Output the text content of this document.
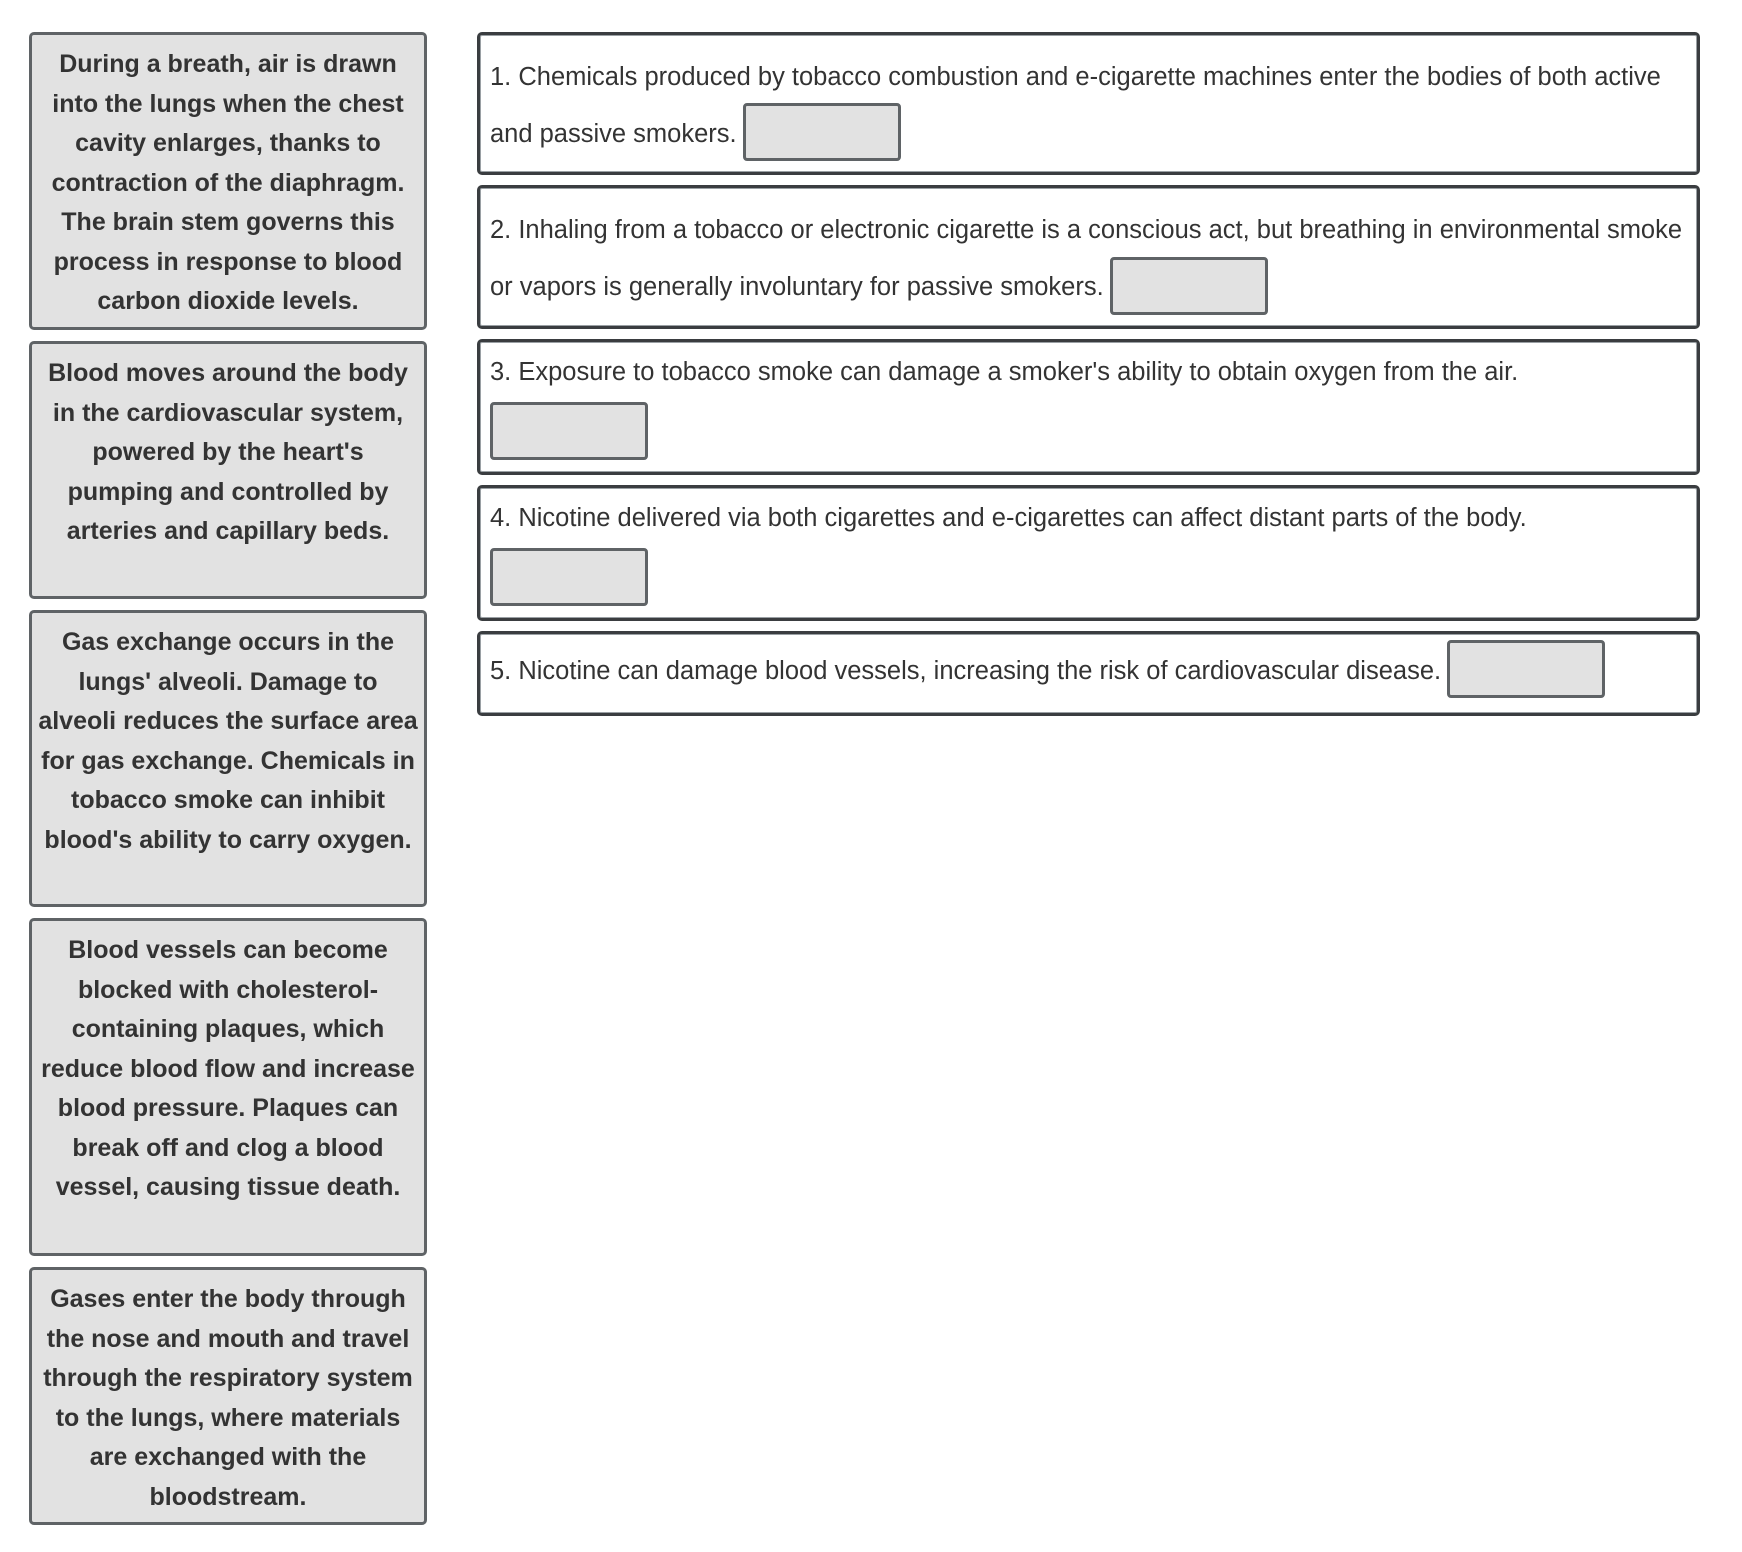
During a breath, air is drawn into the lungs when the chest cavity enlarges, thanks to contraction of the diaphragm. The brain stem governs this process in response to blood carbon dioxide levels.
Blood moves around the body in the cardiovascular system, powered by the heart's pumping and controlled by arteries and capillary beds.
Gas exchange occurs in the lungs' alveoli. Damage to alveoli reduces the surface area for gas exchange. Chemicals in tobacco smoke can inhibit blood's ability to carry oxygen.
Blood vessels can become blocked with cholesterol-containing plaques, which reduce blood flow and increase blood pressure. Plaques can break off and clog a blood vessel, causing tissue death.
Gases enter the body through the nose and mouth and travel through the respiratory system to the lungs, where materials are exchanged with the bloodstream.
1. Chemicals produced by tobacco combustion and e-cigarette machines enter the bodies of both active and passive smokers.
2. Inhaling from a tobacco or electronic cigarette is a conscious act, but breathing in environmental smoke or vapors is generally involuntary for passive smokers.
3. Exposure to tobacco smoke can damage a smoker's ability to obtain oxygen from the air.
4. Nicotine delivered via both cigarettes and e-cigarettes can affect distant parts of the body.
5. Nicotine can damage blood vessels, increasing the risk of cardiovascular disease.
